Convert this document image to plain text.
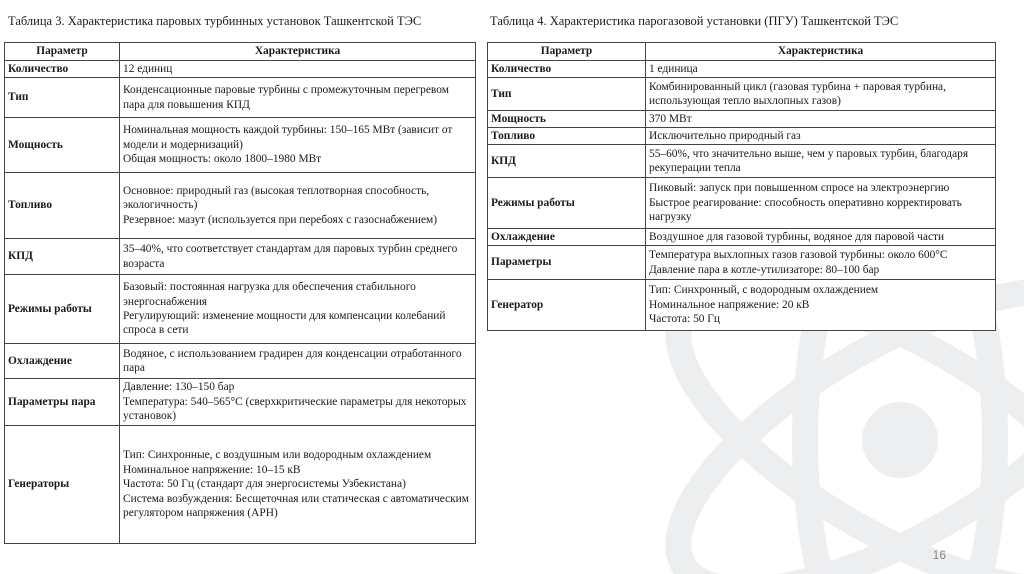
Таблица 3. Характеристика паровых турбинных установок Ташкентской ТЭС	Таблица 4. Характеристика парогазовой установки (ПГУ) Ташкентской ТЭС
Параметр	Характеристика
Количество	12 единиц

Тип	Конденсационные паровые турбины с промежуточным перегревом пара для повышения КПД

Мощность	Номинальная мощность каждой турбины: 150–165 МВт (зависит от модели и модернизаций)
Общая мощность: около 1800–1980 МВт

Топливо	Основное: природный газ (высокая теплотворная способность, экологичность)
Резервное: мазут (используется при перебоях с газоснабжением)

КПД	35–40%, что соответствует стандартам для паровых турбин среднего возраста

Режимы работы	Базовый: постоянная нагрузка для обеспечения стабильного энергоснабжения
Регулирующий: изменение мощности для компенсации колебаний спроса в сети

Охлаждение	Водяное, с использованием градирен для конденсации отработанного пара

Параметры пара	Давление: 130–150 бар
Температура: 540–565°C (сверхкритические параметры для некоторых установок)

Генераторы	Тип: Синхронные, с воздушным или водородным охлаждением
Номинальное напряжение: 10–15 кВ
Частота: 50 Гц (стандарт для энергосистемы Узбекистана)
Система возбуждения: Бесщеточная или статическая с автоматическим регулятором напряжения (АРН)
Параметр	Характеристика
Количество	1 единица

Тип	Комбинированный цикл (газовая турбина + паровая турбина, использующая тепло выхлопных газов)

Мощность	370 МВт

Топливо	Исключительно природный газ

КПД	55–60%, что значительно выше, чем у паровых турбин, благодаря рекуперации тепла

Режимы работы	Пиковый: запуск при повышенном спросе на электроэнергию
Быстрое реагирование: способность оперативно корректировать нагрузку

Охлаждение	Воздушное для газовой турбины, водяное для паровой части

Параметры	Температура выхлопных газов газовой турбины: около 600°C
Давление пара в котле-утилизаторе: 80–100 бар

Генератор	Тип: Синхронный, с водородным охлаждением
Номинальное напряжение: 20 кВ
Частота: 50 Гц
16
